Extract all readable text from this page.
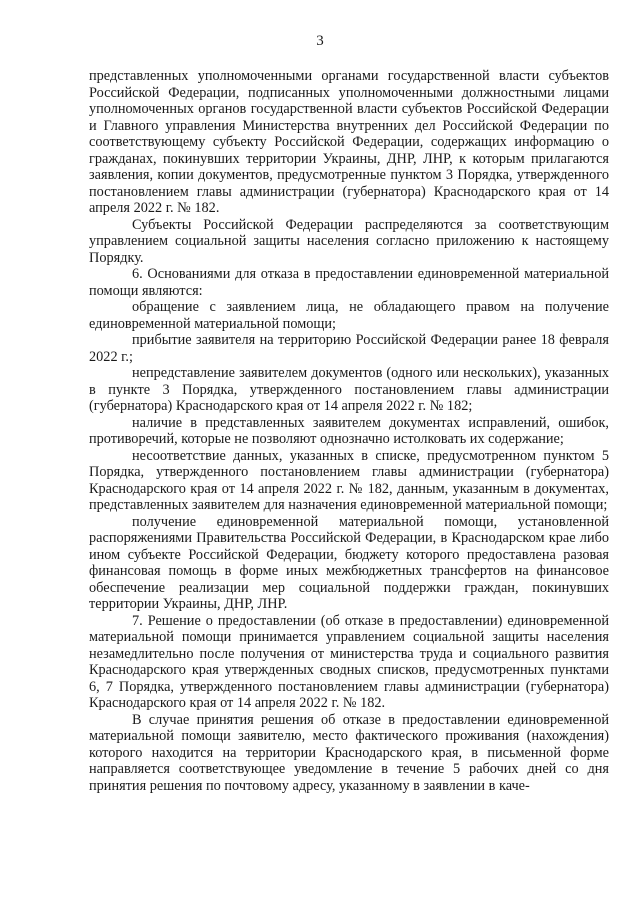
3

представленных уполномоченными органами государственной власти субъектов Российской Федерации, подписанных уполномоченными должностными лицами уполномоченных органов государственной власти субъектов Российской Федерации и Главного управления Министерства внутренних дел Российской Федерации по соответствующему субъекту Российской Федерации, содержащих информацию о гражданах, покинувших территории Украины, ДНР, ЛНР, к которым прилагаются заявления, копии документов, предусмотренные пунктом 3 Порядка, утвержденного постановлением главы администрации (губернатора) Краснодарского края от 14 апреля 2022 г. № 182.

Субъекты Российской Федерации распределяются за соответствующим управлением социальной защиты населения согласно приложению к настоящему Порядку.

6. Основаниями для отказа в предоставлении единовременной материальной помощи являются:

обращение с заявлением лица, не обладающего правом на получение единовременной материальной помощи;

прибытие заявителя на территорию Российской Федерации ранее 18 февраля 2022 г.;

непредставление заявителем документов (одного или нескольких), указанных в пункте 3 Порядка, утвержденного постановлением главы администрации (губернатора) Краснодарского края от 14 апреля 2022 г. № 182;

наличие в представленных заявителем документах исправлений, ошибок, противоречий, которые не позволяют однозначно истолковать их содержание;

несоответствие данных, указанных в списке, предусмотренном пунктом 5 Порядка, утвержденного постановлением главы администрации (губернатора) Краснодарского края от 14 апреля 2022 г. № 182, данным, указанным в документах, представленных заявителем для назначения единовременной материальной помощи;

получение единовременной материальной помощи, установленной распоряжениями Правительства Российской Федерации, в Краснодарском крае либо ином субъекте Российской Федерации, бюджету которого предоставлена разовая финансовая помощь в форме иных межбюджетных трансфертов на финансовое обеспечение реализации мер социальной поддержки граждан, покинувших территории Украины, ДНР, ЛНР.

7. Решение о предоставлении (об отказе в предоставлении) единовременной материальной помощи принимается управлением социальной защиты населения незамедлительно после получения от министерства труда и социального развития Краснодарского края утвержденных сводных списков, предусмотренных пунктами 6, 7 Порядка, утвержденного постановлением главы администрации (губернатора) Краснодарского края от 14 апреля 2022 г. № 182.

В случае принятия решения об отказе в предоставлении единовременной материальной помощи заявителю, место фактического проживания (нахождения) которого находится на территории Краснодарского края, в письменной форме направляется соответствующее уведомление в течение 5 рабочих дней со дня принятия решения по почтовому адресу, указанному в заявлении в каче-
